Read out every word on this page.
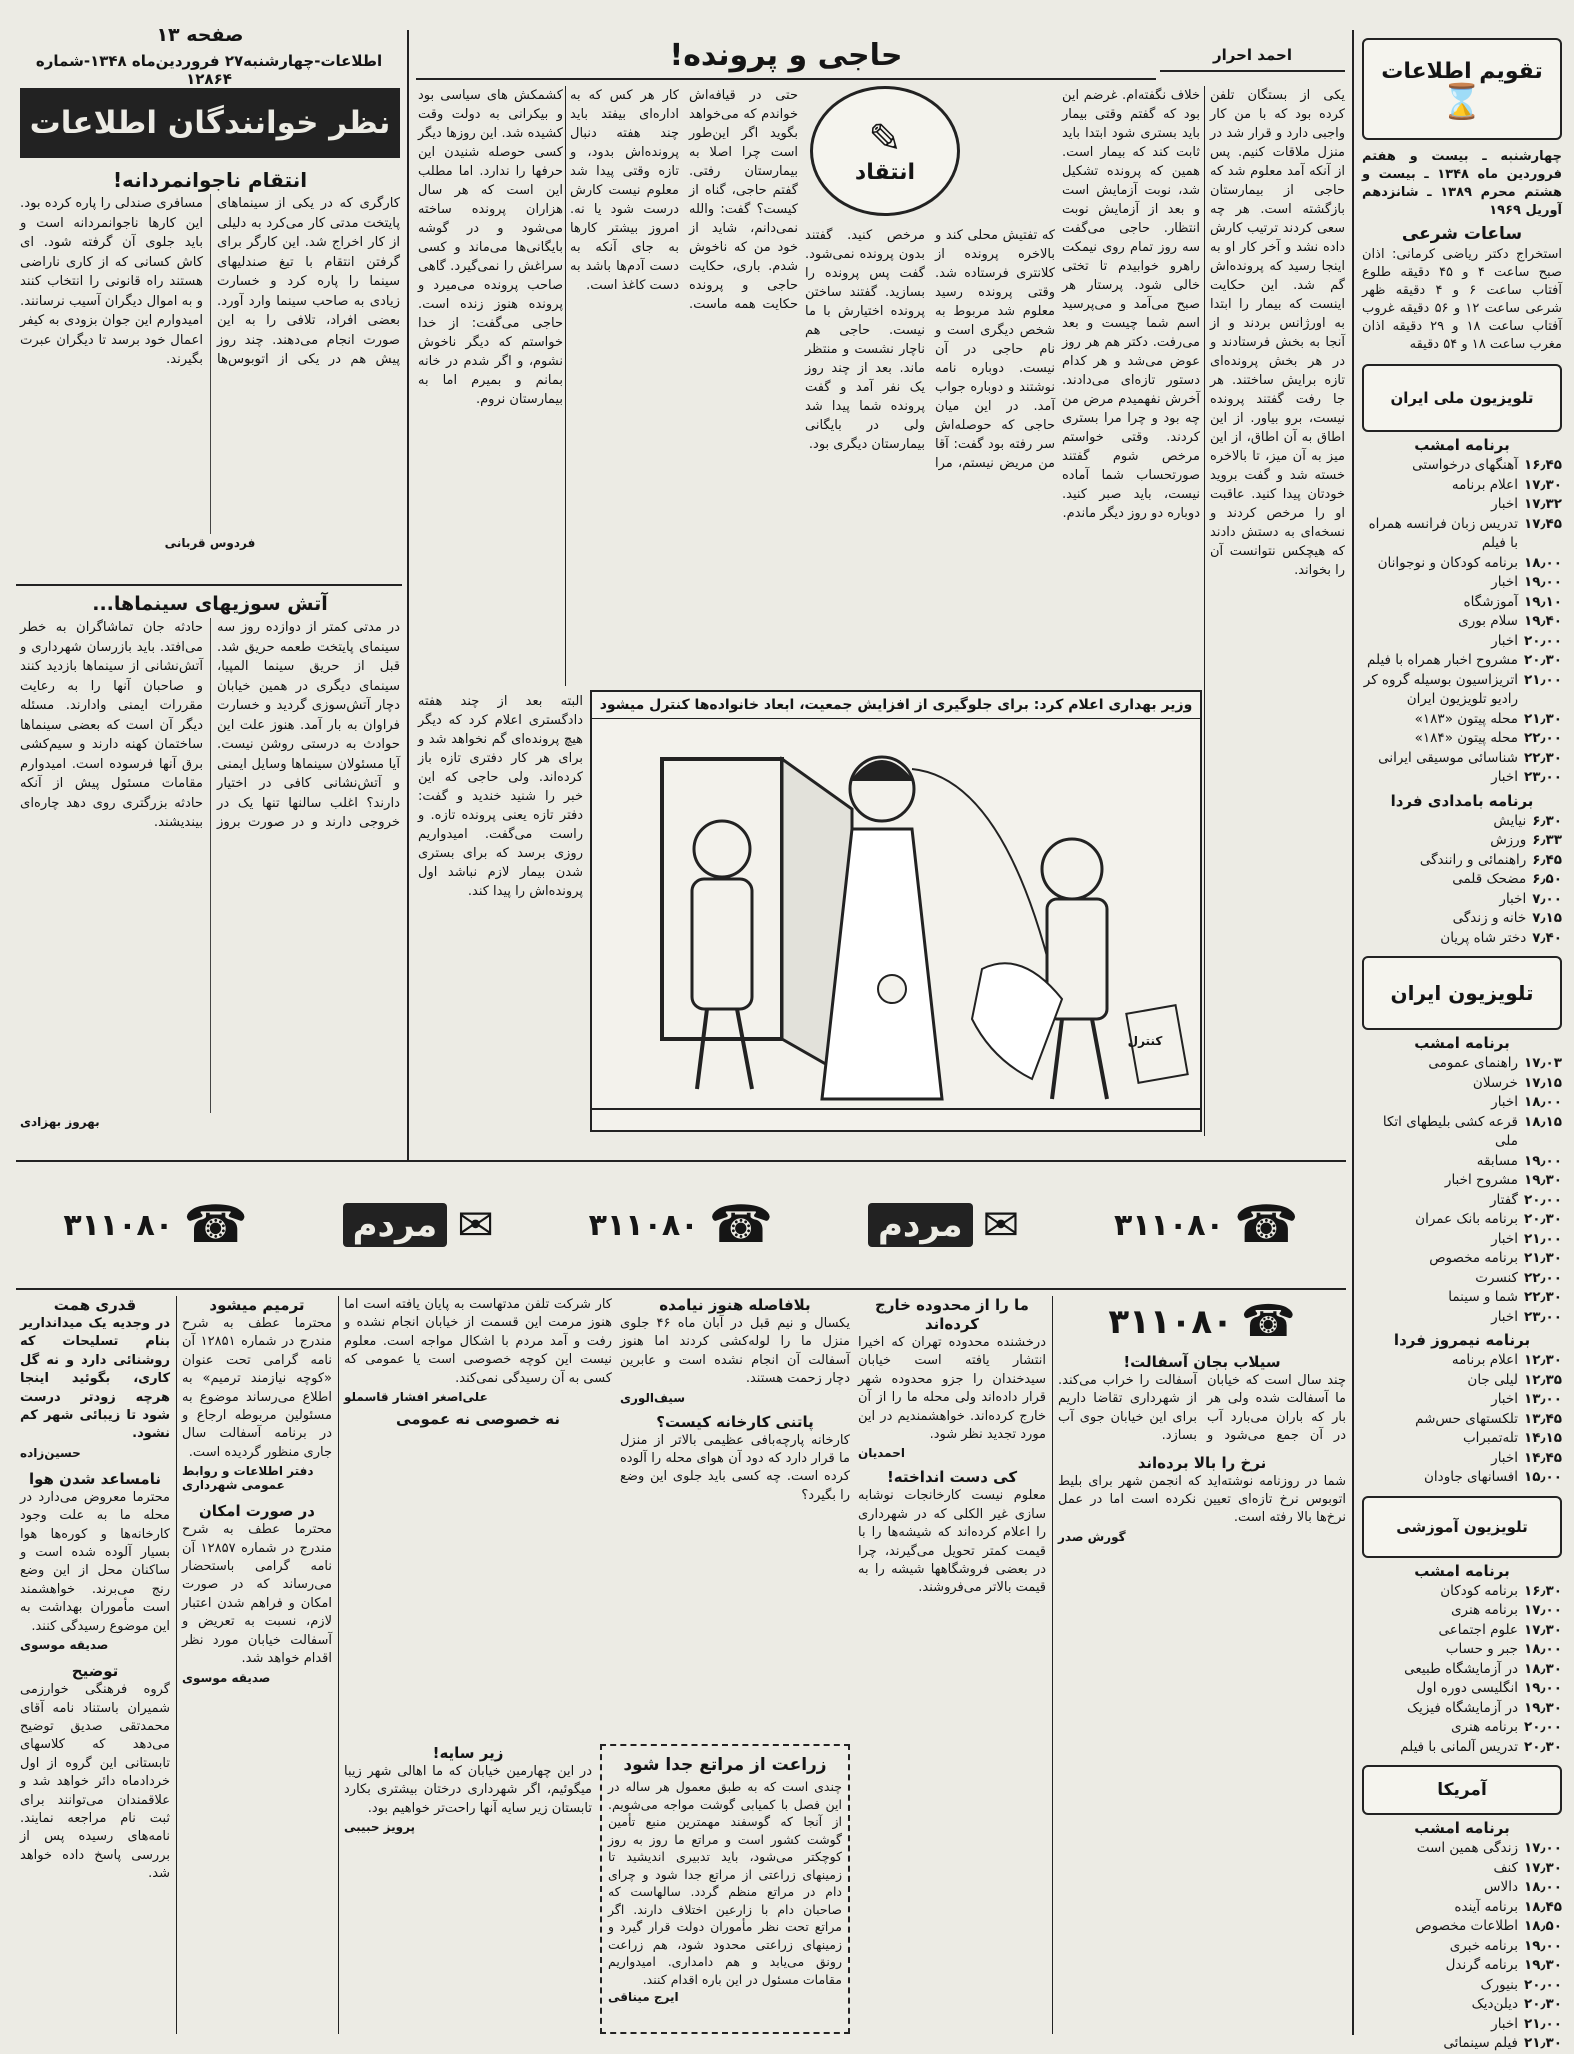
تقویم اطلاعات
⌛
چهارشنبه ـ بیست و هفتم فروردین ماه ۱۳۴۸ ـ بیست و هشتم محرم ۱۳۸۹ ـ شانزدهم آوریل ۱۹۶۹
ساعات شرعی
استخراج دکتر ریاضی کرمانی: اذان صبح ساعت ۴ و ۴۵ دقیقه طلوع آفتاب ساعت ۶ و ۴ دقیقه ظهر شرعی ساعت ۱۲ و ۵۶ دقیقه غروب آفتاب ساعت ۱۸ و ۲۹ دقیقه اذان مغرب ساعت ۱۸ و ۵۴ دقیقه
تلویزیون ملی ایران
برنامه امشب
۱۶٫۴۵
آهنگهای درخواستی
۱۷٫۳۰
اعلام برنامه
۱۷٫۳۲
اخبار
۱۷٫۴۵
تدریس زبان فرانسه همراه با فیلم
۱۸٫۰۰
برنامه کودکان و نوجوانان
۱۹٫۰۰
اخبار
۱۹٫۱۰
آموزشگاه
۱۹٫۴۰
سلام بوری
۲۰٫۰۰
اخبار
۲۰٫۳۰
مشروح اخبار همراه با فیلم
۲۱٫۰۰
اتریزاسیون بوسیله گروه کر رادیو تلویزیون ایران
۲۱٫۳۰
محله پیتون «۱۸۳»
۲۲٫۰۰
محله پیتون «۱۸۴»
۲۲٫۳۰
شناسائی موسیقی ایرانی
۲۳٫۰۰
اخبار
برنامه بامدادی فردا
۶٫۳۰
نیایش
۶٫۳۳
ورزش
۶٫۴۵
راهنمائی و رانندگی
۶٫۵۰
مضحک قلمی
۷٫۰۰
اخبار
۷٫۱۵
خانه و زندگی
۷٫۴۰
دختر شاه پریان
تلویزیون ایران
برنامه امشب
۱۷٫۰۳
راهنمای عمومی
۱۷٫۱۵
خرسلان
۱۸٫۰۰
اخبار
۱۸٫۱۵
قرعه کشی بلیطهای اتکا ملی
۱۹٫۰۰
مسابقه
۱۹٫۳۰
مشروح اخبار
۲۰٫۰۰
گفتار
۲۰٫۳۰
برنامه بانک عمران
۲۱٫۰۰
اخبار
۲۱٫۳۰
برنامه مخصوص
۲۲٫۰۰
کنسرت
۲۲٫۳۰
شما و سینما
۲۳٫۰۰
اخبار
برنامه نیمروز فردا
۱۲٫۳۰
اعلام برنامه
۱۲٫۳۵
لیلی جان
۱۳٫۰۰
اخبار
۱۳٫۴۵
تلکستهای حس‌شم
۱۴٫۱۵
تله‌تمبراب
۱۴٫۴۵
اخبار
۱۵٫۰۰
افسانهای جاودان
تلویزیون آموزشی
برنامه امشب
۱۶٫۳۰
برنامه کودکان
۱۷٫۰۰
برنامه هنری
۱۷٫۳۰
علوم اجتماعی
۱۸٫۰۰
جبر و حساب
۱۸٫۳۰
در آزمایشگاه طبیعی
۱۹٫۰۰
انگلیسی دوره اول
۱۹٫۳۰
در آزمایشگاه فیزیک
۲۰٫۰۰
برنامه هنری
۲۰٫۳۰
تدریس آلمانی با فیلم
آمریکا
برنامه امشب
۱۷٫۰۰
زندگی همین است
۱۷٫۳۰
کنف
۱۸٫۰۰
دالاس
۱۸٫۴۵
برنامه آینده
۱۸٫۵۰
اطلاعات مخصوص
۱۹٫۰۰
برنامه خبری
۱۹٫۳۰
برنامه گرندل
۲۰٫۰۰
بنیورک
۲۰٫۳۰
دیلن‌دیک
۲۱٫۰۰
اخبار
۲۱٫۳۰
فیلم سینمائی
صفحه ۱۳
اطلاعات-چهارشنبه۲۷ فروردین‌ماه ۱۳۴۸-شماره ۱۲۸۶۴
نظر خوانندگان اطلاعات
انتقام ناجوانمردانه!
کارگری که در یکی از سینماهای پایتخت مدتی کار می‌کرد به دلیلی از کار اخراج شد. این کارگر برای گرفتن انتقام با تیغ صندلیهای سینما را پاره کرد و خسارت زیادی به صاحب سینما وارد آورد. بعضی افراد، تلافی را به این صورت انجام می‌دهند. چند روز پیش هم در یکی از اتوبوس‌ها مسافری صندلی را پاره کرده بود. این کارها ناجوانمردانه است و باید جلوی آن گرفته شود. ای کاش کسانی که از کاری ناراضی هستند راه قانونی را انتخاب کنند و به اموال دیگران آسیب نرسانند. امیدوارم این جوان بزودی به کیفر اعمال خود برسد تا دیگران عبرت بگیرند.
فردوس قربانی
آتش سوزیهای سینماها...
در مدتی کمتر از دوازده روز سه سینمای پایتخت طعمه حریق شد. قبل از حریق سینما المپیا، سینمای دیگری در همین خیابان دچار آتش‌سوزی گردید و خسارت فراوان به بار آمد. هنوز علت این حوادث به درستی روشن نیست. آیا مسئولان سینماها وسایل ایمنی و آتش‌نشانی کافی در اختیار دارند؟ اغلب سالنها تنها یک در خروجی دارند و در صورت بروز حادثه جان تماشاگران به خطر می‌افتد. باید بازرسان شهرداری و آتش‌نشانی از سینماها بازدید کنند و صاحبان آنها را به رعایت مقررات ایمنی وادارند. مسئله دیگر آن است که بعضی سینماها ساختمان کهنه دارند و سیم‌کشی برق آنها فرسوده است. امیدوارم مقامات مسئول پیش از آنکه حادثه بزرگتری روی دهد چاره‌ای بیندیشند.
بهروز بهزادی
احمد احرار
حاجی و پرونده!
یکی از بستگان تلفن کرده بود که با من کار واجبی دارد و قرار شد در منزل ملاقات کنیم. پس از آنکه آمد معلوم شد که حاجی از بیمارستان بازگشته است. هر چه سعی کردند ترتیب کارش داده نشد و آخر کار او به اینجا رسید که پرونده‌اش گم شد. این حکایت اینست که بیمار را ابتدا به اورژانس بردند و از آنجا به بخش فرستادند و در هر بخش پرونده‌ای تازه برایش ساختند. هر جا رفت گفتند پرونده نیست، برو بیاور. از این اطاق به آن اطاق، از این میز به آن میز، تا بالاخره خسته شد و گفت بروید خودتان پیدا کنید. عاقبت او را مرخص کردند و نسخه‌ای به دستش دادند که هیچکس نتوانست آن را بخواند.
خلاف نگفته‌ام. غرضم این بود که گفتم وقتی بیمار باید بستری شود ابتدا باید ثابت کند که بیمار است. همین که پرونده تشکیل شد، نوبت آزمایش است و بعد از آزمایش نوبت انتظار. حاجی می‌گفت سه روز تمام روی نیمکت راهرو خوابیدم تا تختی خالی شود. پرستار هر صبح می‌آمد و می‌پرسید اسم شما چیست و بعد می‌رفت. دکتر هم هر روز عوض می‌شد و هر کدام دستور تازه‌ای می‌دادند. آخرش نفهمیدم مرض من چه بود و چرا مرا بستری کردند. وقتی خواستم مرخص شوم گفتند صورتحساب شما آماده نیست، باید صبر کنید. دوباره دو روز دیگر ماندم.
✎
انتقاد
که تفتیش محلی کند و بالاخره پرونده از کلانتری فرستاده شد. وقتی پرونده رسید معلوم شد مربوط به شخص دیگری است و نام حاجی در آن نیست. دوباره نامه نوشتند و دوباره جواب آمد. در این میان حاجی که حوصله‌اش سر رفته بود گفت: آقا من مریض نیستم، مرا مرخص کنید. گفتند بدون پرونده نمی‌شود. گفت پس پرونده را بسازید. گفتند ساختن پرونده اختیارش با ما نیست. حاجی هم ناچار نشست و منتظر ماند. بعد از چند روز یک نفر آمد و گفت پرونده شما پیدا شد ولی در بایگانی بیمارستان دیگری بود.
حتی در قیافه‌اش خواندم که می‌خواهد بگوید اگر این‌طور است چرا اصلا به بیمارستان رفتی. گفتم حاجی، گناه از کیست؟ گفت: والله نمی‌دانم، شاید از خود من که ناخوش شدم. باری، حکایت حاجی و پرونده حکایت همه ماست. کار هر کس که به اداره‌ای بیفتد باید چند هفته دنبال پرونده‌اش بدود، و تازه وقتی پیدا شد معلوم نیست کارش درست شود یا نه. امروز بیشتر کارها به جای آنکه به دست آدم‌ها باشد به دست کاغذ است.
کشمکش های سیاسی بود و بیکرانی به دولت وقت کشیده شد. این روزها دیگر کسی حوصله شنیدن این حرفها را ندارد. اما مطلب این است که هر سال هزاران پرونده ساخته می‌شود و در گوشه بایگانی‌ها می‌ماند و کسی سراغش را نمی‌گیرد. گاهی صاحب پرونده می‌میرد و پرونده هنوز زنده است. حاجی می‌گفت: از خدا خواستم که دیگر ناخوش نشوم، و اگر شدم در خانه بمانم و بمیرم اما به بیمارستان نروم.
وزیر بهداری اعلام کرد: برای جلوگیری از افزایش جمعیت، ابعاد خانواده‌ها کنترل میشود
کنترل
البته بعد از چند هفته دادگستری اعلام کرد که دیگر هیچ پرونده‌ای گم نخواهد شد و برای هر کار دفتری تازه باز کرده‌اند. ولی حاجی که این خبر را شنید خندید و گفت: دفتر تازه یعنی پرونده تازه. و راست می‌گفت. امیدواریم روزی برسد که برای بستری شدن بیمار لازم نباشد اول پرونده‌اش را پیدا کند.
☎
۳۱۱۰۸۰
✉
مردم
☎
۳۱۱۰۸۰
✉
مردم
☎
۳۱۱۰۸۰
قدری همت
در وجدیه یک میدانداریر بنام تسلیحات که روشنائی دارد و نه گل کاری، بگوئید اینجا هرچه زودتر درست شود تا زیبائی شهر کم نشود.
حسین‌زاده
نامساعد شدن هوا
محترما معروض می‌دارد در محله ما به علت وجود کارخانه‌ها و کوره‌ها هوا بسیار آلوده شده است و ساکنان محل از این وضع رنج می‌برند. خواهشمند است مأموران بهداشت به این موضوع رسیدگی کنند.
صدیقه موسوی
توضیح
گروه فرهنگی خوارزمی شمیران باستناد نامه آقای محمدتقی صدیق توضیح می‌دهد که کلاسهای تابستانی این گروه از اول خردادماه دائر خواهد شد و علاقمندان می‌توانند برای ثبت نام مراجعه نمایند. نامه‌های رسیده پس از بررسی پاسخ داده خواهد شد.
ترمیم میشود
محترما عطف به شرح مندرج در شماره ۱۲۸۵۱ آن نامه گرامی تحت عنوان «کوچه نیازمند ترمیم» به اطلاع می‌رساند موضوع به مسئولین مربوطه ارجاع و در برنامه آسفالت سال جاری منظور گردیده است.
دفتر اطلاعات و روابط عمومی شهرداری
در صورت امکان
محترما عطف به شرح مندرج در شماره ۱۲۸۵۷ آن نامه گرامی باستحضار می‌رساند که در صورت امکان و فراهم شدن اعتبار لازم، نسبت به تعریض و آسفالت خیابان مورد نظر اقدام خواهد شد.
صدیقه موسوی
کار شرکت تلفن مدتهاست به پایان یافته است اما هنوز مرمت این قسمت از خیابان انجام نشده و رفت و آمد مردم با اشکال مواجه است. معلوم نیست این کوچه خصوصی است یا عمومی که کسی به آن رسیدگی نمی‌کند.
علی‌اصغر افشار قاسملو
نه خصوصی نه عمومی
بلافاصله هنوز نیامده
یکسال و نیم قبل در آبان ماه ۴۶ جلوی منزل ما را لوله‌کشی کردند اما هنوز آسفالت آن انجام نشده است و عابرین دچار زحمت هستند.
سیف‌الوری
پاتنی کارخانه کیست؟
کارخانه پارچه‌بافی عظیمی بالاتر از منزل ما قرار دارد که دود آن هوای محله را آلوده کرده است. چه کسی باید جلوی این وضع را بگیرد؟
ما را از محدوده خارج کرده‌اند
درخشنده محدوده تهران که اخیرا انتشار یافته است خیابان سیدخندان را جزو محدوده شهر قرار داده‌اند ولی محله ما را از آن خارج کرده‌اند. خواهشمندیم در این مورد تجدید نظر شود.
احمدیان
کی دست انداخته!
معلوم نیست کارخانجات نوشابه سازی غیر الکلی که در شهرداری را اعلام کرده‌اند که شیشه‌ها را با قیمت کمتر تحویل می‌گیرند، چرا در بعضی فروشگاهها شیشه را به قیمت بالاتر می‌فروشند.
☎
۳۱۱۰۸۰
سیلاب بجان آسفالت!
چند سال است که خیابان ما آسفالت شده ولی هر بار که باران می‌بارد آب در آن جمع می‌شود و آسفالت را خراب می‌کند. از شهرداری تقاضا داریم برای این خیابان جوی آب بسازد.
نرخ را بالا برده‌اند
شما در روزنامه نوشته‌اید که انجمن شهر برای بلیط اتوبوس نرخ تازه‌ای تعیین نکرده است اما در عمل نرخ‌ها بالا رفته است.
گورش صدر
زراعت از مراتع جدا شود
چندی است که به طبق معمول هر ساله در این فصل با کمیابی گوشت مواجه می‌شویم. از آنجا که گوسفند مهمترین منبع تأمین گوشت کشور است و مراتع ما روز به روز کوچکتر می‌شود، باید تدبیری اندیشید تا زمینهای زراعتی از مراتع جدا شود و چرای دام در مراتع منظم گردد. سالهاست که صاحبان دام با زارعین اختلاف دارند. اگر مراتع تحت نظر مأموران دولت قرار گیرد و زمینهای زراعتی محدود شود، هم زراعت رونق می‌یابد و هم دامداری. امیدواریم مقامات مسئول در این باره اقدام کنند.
ایرج میناقی
زیر سایه!
در این چهارمین خیابان که ما اهالی شهر زیبا میگوئیم، اگر شهرداری درختان بیشتری بکارد تابستان زیر سایه آنها راحت‌تر خواهیم بود.
پرویز حبیبی
